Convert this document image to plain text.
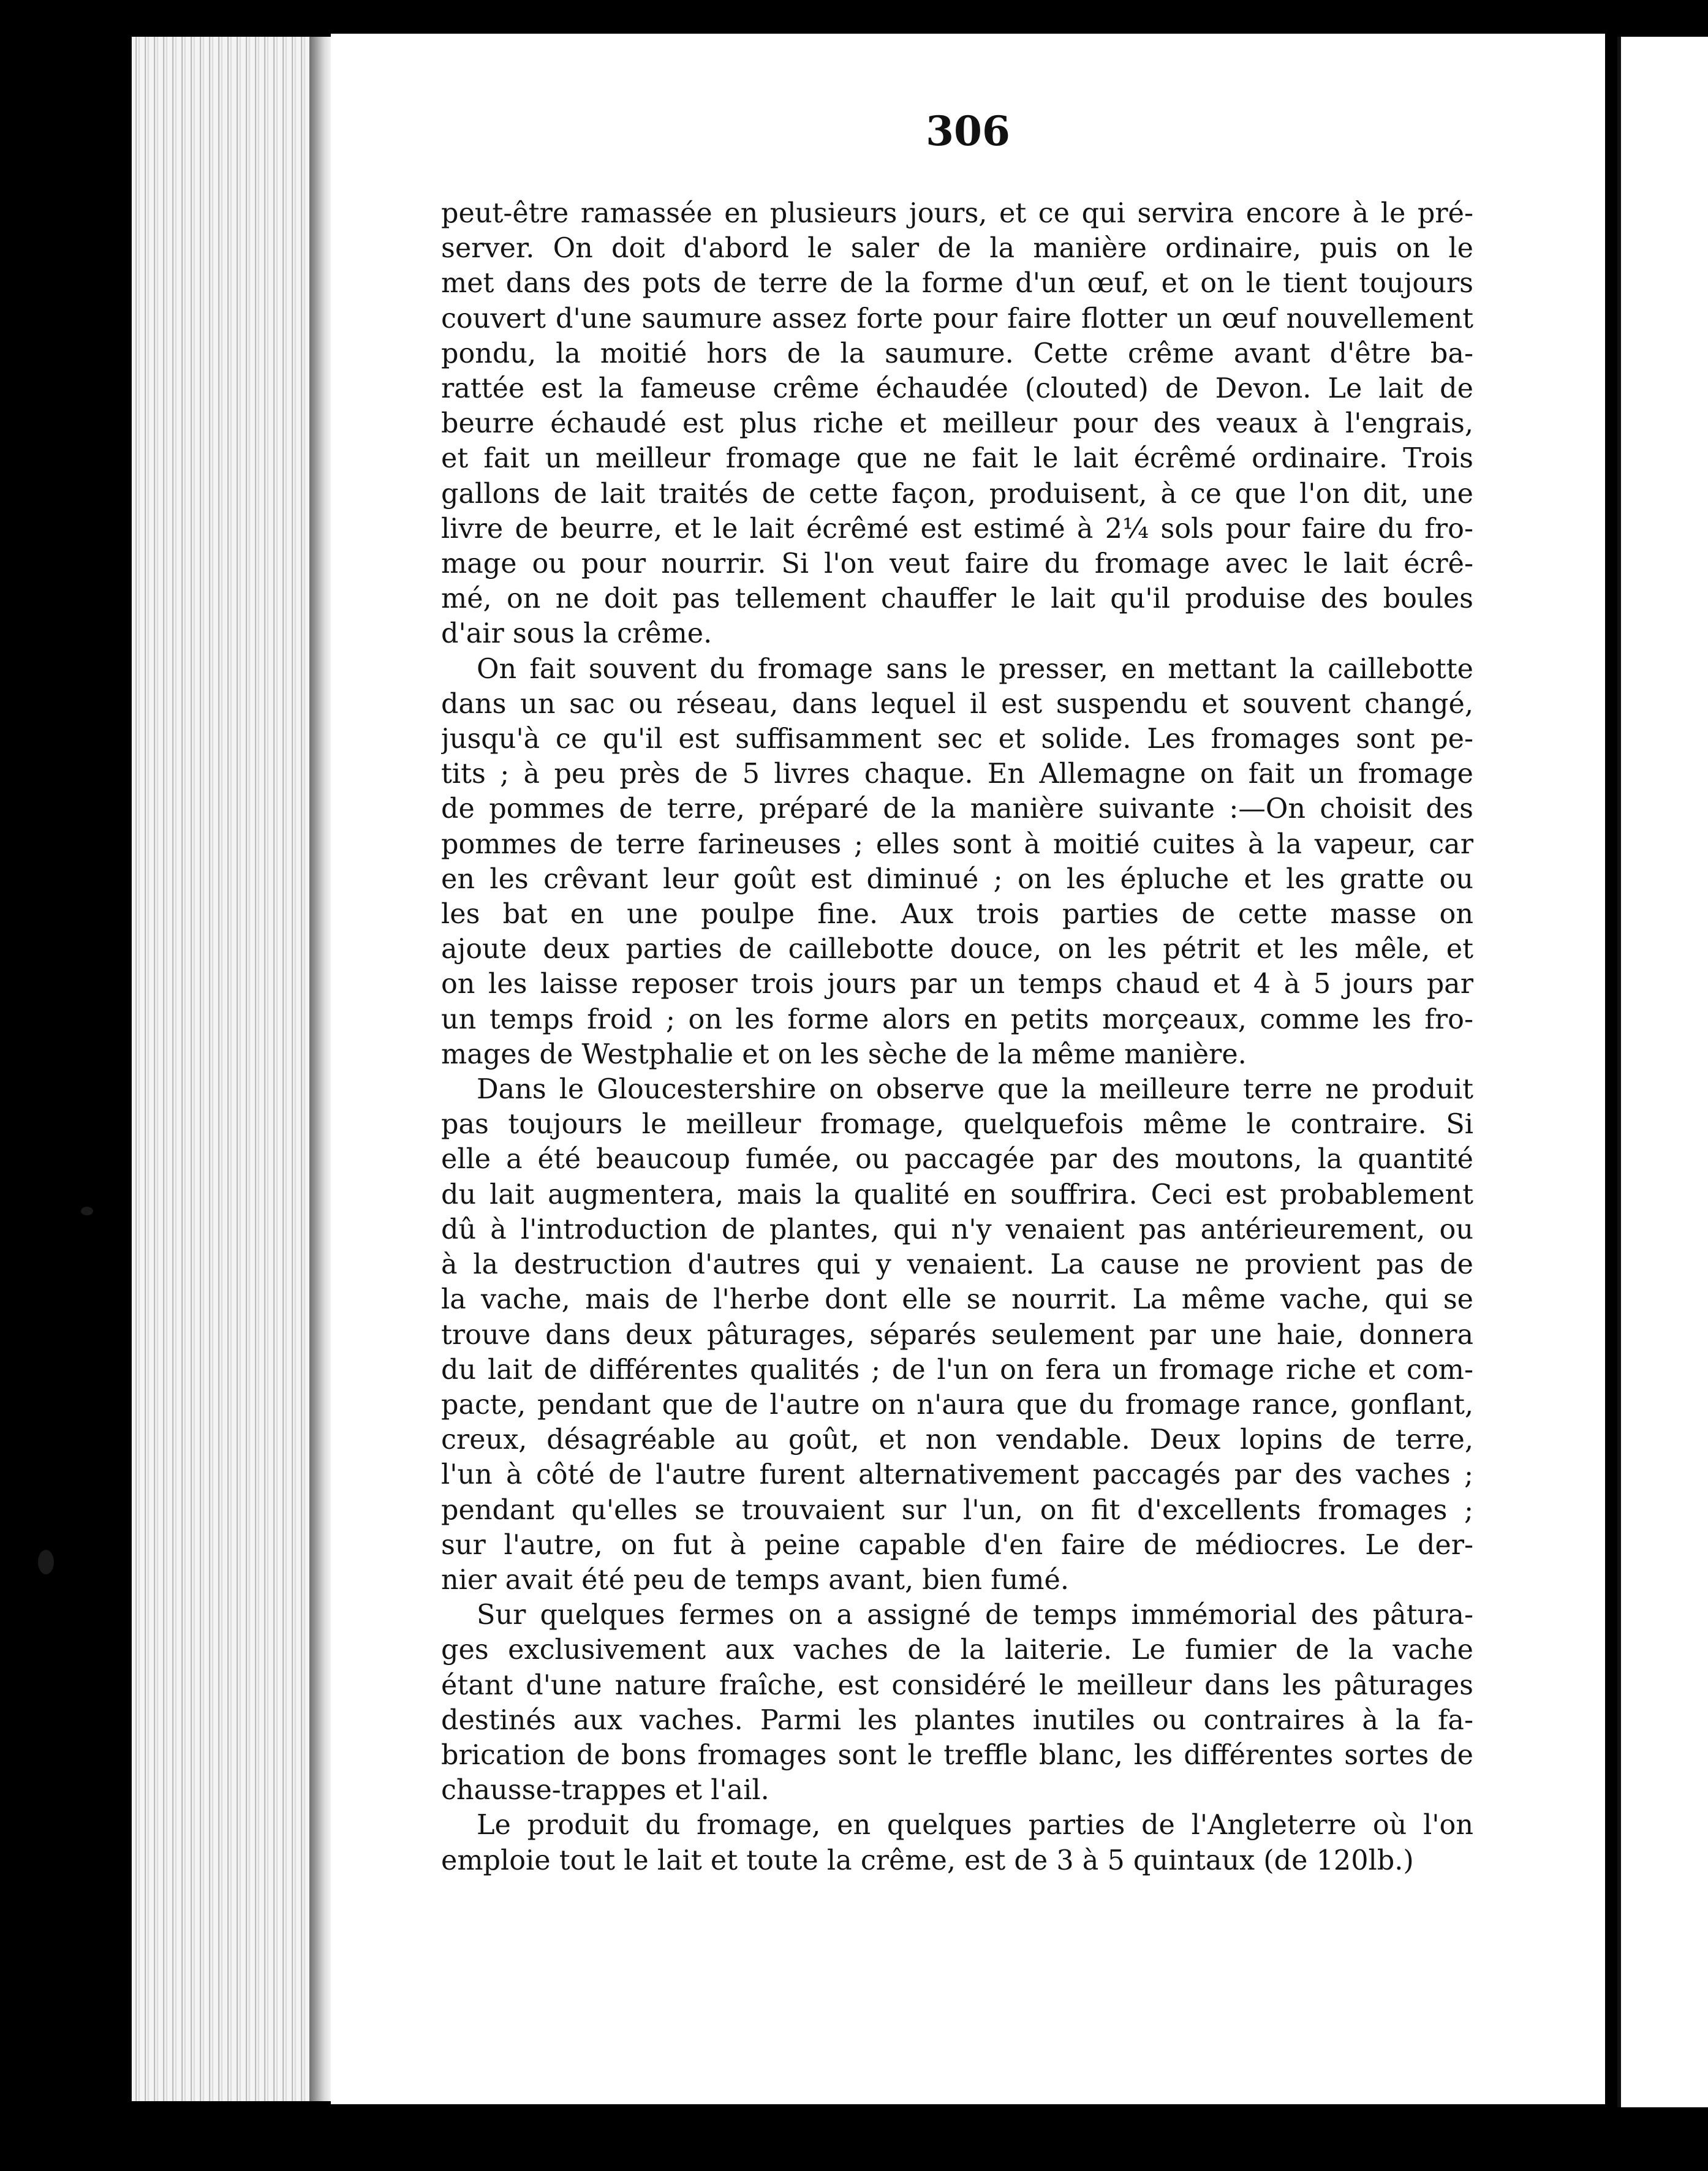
306
peut-être ramassée en plusieurs jours, et ce qui servira encore à le pré-
server. On doit d'abord le saler de la manière ordinaire, puis on le
met dans des pots de terre de la forme d'un œuf, et on le tient toujours
couvert d'une saumure assez forte pour faire flotter un œuf nouvellement
pondu, la moitié hors de la saumure. Cette crême avant d'être ba-
rattée est la fameuse crême échaudée (clouted) de Devon. Le lait de
beurre échaudé est plus riche et meilleur pour des veaux à l'engrais,
et fait un meilleur fromage que ne fait le lait écrêmé ordinaire. Trois
gallons de lait traités de cette façon, produisent, à ce que l'on dit, une
livre de beurre, et le lait écrêmé est estimé à 2¼ sols pour faire du fro-
mage ou pour nourrir. Si l'on veut faire du fromage avec le lait écrê-
mé, on ne doit pas tellement chauffer le lait qu'il produise des boules
d'air sous la crême.
On fait souvent du fromage sans le presser, en mettant la caillebotte
dans un sac ou réseau, dans lequel il est suspendu et souvent changé,
jusqu'à ce qu'il est suffisamment sec et solide. Les fromages sont pe-
tits ; à peu près de 5 livres chaque. En Allemagne on fait un fromage
de pommes de terre, préparé de la manière suivante :—On choisit des
pommes de terre farineuses ; elles sont à moitié cuites à la vapeur, car
en les crêvant leur goût est diminué ; on les épluche et les gratte ou
les bat en une poulpe fine. Aux trois parties de cette masse on
ajoute deux parties de caillebotte douce, on les pétrit et les mêle, et
on les laisse reposer trois jours par un temps chaud et 4 à 5 jours par
un temps froid ; on les forme alors en petits morçeaux, comme les fro-
mages de Westphalie et on les sèche de la même manière.
Dans le Gloucestershire on observe que la meilleure terre ne produit
pas toujours le meilleur fromage, quelquefois même le contraire. Si
elle a été beaucoup fumée, ou paccagée par des moutons, la quantité
du lait augmentera, mais la qualité en souffrira. Ceci est probablement
dû à l'introduction de plantes, qui n'y venaient pas antérieurement, ou
à la destruction d'autres qui y venaient. La cause ne provient pas de
la vache, mais de l'herbe dont elle se nourrit. La même vache, qui se
trouve dans deux pâturages, séparés seulement par une haie, donnera
du lait de différentes qualités ; de l'un on fera un fromage riche et com-
pacte, pendant que de l'autre on n'aura que du fromage rance, gonflant,
creux, désagréable au goût, et non vendable. Deux lopins de terre,
l'un à côté de l'autre furent alternativement paccagés par des vaches ;
pendant qu'elles se trouvaient sur l'un, on fit d'excellents fromages ;
sur l'autre, on fut à peine capable d'en faire de médiocres. Le der-
nier avait été peu de temps avant, bien fumé.
Sur quelques fermes on a assigné de temps immémorial des pâtura-
ges exclusivement aux vaches de la laiterie. Le fumier de la vache
étant d'une nature fraîche, est considéré le meilleur dans les pâturages
destinés aux vaches. Parmi les plantes inutiles ou contraires à la fa-
brication de bons fromages sont le treffle blanc, les différentes sortes de
chausse-trappes et l'ail.
Le produit du fromage, en quelques parties de l'Angleterre où l'on
emploie tout le lait et toute la crême, est de 3 à 5 quintaux (de 120lb.)
